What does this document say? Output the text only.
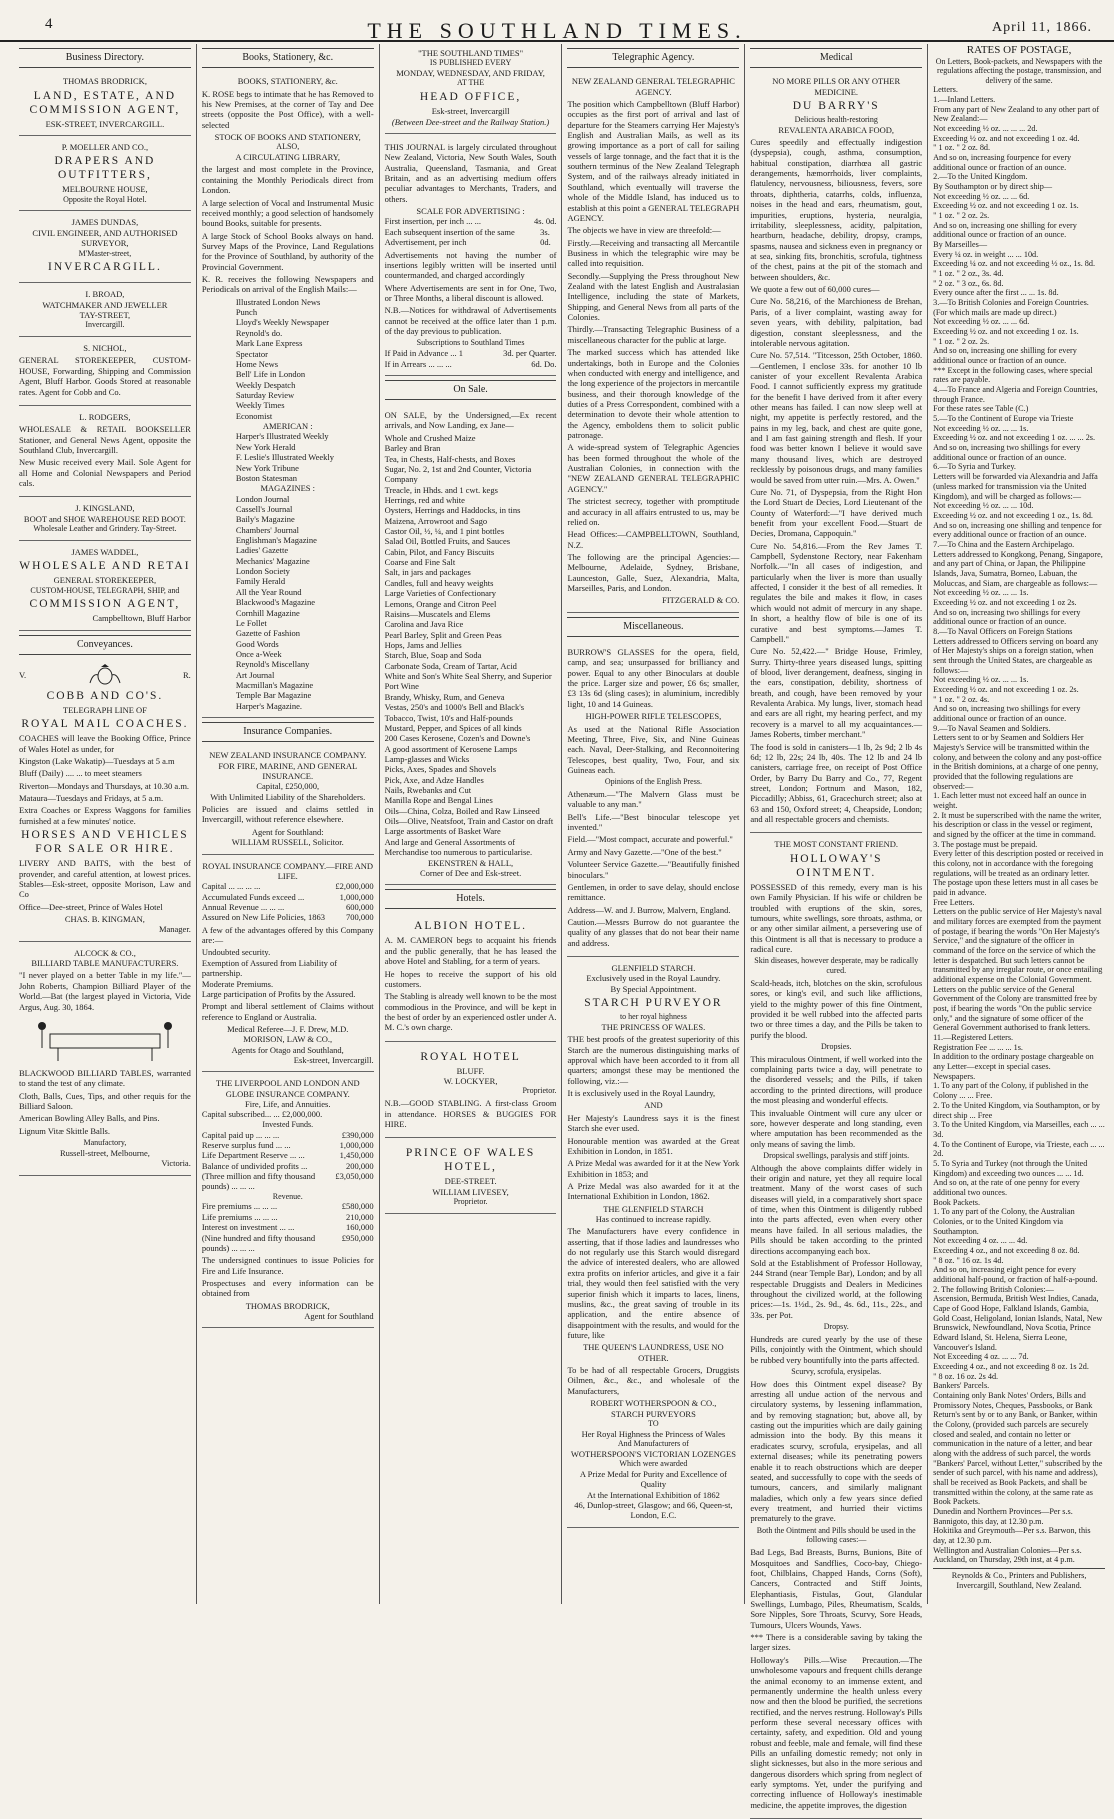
4	THE SOUTHLAND TIMES.	April 11, 1866.
Business Directory.
THOMAS BRODRICK,
LAND, ESTATE, AND COMMISSION AGENT,
ESK-STREET, INVERCARGILL.
P. MOELLER AND CO.,
DRAPERS AND OUTFITTERS,
MELBOURNE HOUSE,
Opposite the Royal Hotel.
JAMES DUNDAS,
CIVIL ENGINEER, AND AUTHORISED SURVEYOR,
M'Master-street,
INVERCARGILL.
I. BROAD,
WATCHMAKER AND JEWELLER
TAY-STREET,
Invercargill.
S. NICHOL,

GENERAL STOREKEEPER, CUSTOM-HOUSE, Forwarding, Shipping and Commission Agent, Bluff Harbor. Goods Stored at reasonable rates. Agent for Cobb and Co.

L. RODGERS,

WHOLESALE & RETAIL BOOKSELLER Stationer, and General News Agent, opposite the Southland Club, Invercargill.

New Music received every Mail. Sole Agent for all Home and Colonial Newspapers and Period cals.

J. KINGSLAND,
BOOT and SHOE WAREHOUSE RED BOOT.
Wholesale Leather and Grindery. Tay-Street.
JAMES WADDEL,
WHOLESALE AND RETAI
GENERAL STOREKEEPER,
CUSTOM-HOUSE, TELEGRAPH, SHIP, and
COMMISSION AGENT,
Campbelltown, Bluff Harbor
Conveyances.
V.	R.
COBB AND CO'S.
TELEGRAPH LINE OF
ROYAL MAIL COACHES.

COACHES will leave the Booking Office, Prince of Wales Hotel as under, for

Kingston (Lake Wakatip)—Tuesdays at 5 a.m

Bluff (Daily) .... ... to meet steamers

Riverton—Mondays and Thursdays, at 10.30 a.m.

Mataura—Tuesdays and Fridays, at 5 a.m.

Extra Coaches or Express Waggons for families furnished at a few minutes' notice.

HORSES AND VEHICLES FOR SALE OR HIRE.

LIVERY AND BAITS, with the best of provender, and careful attention, at lowest prices. Stables—Esk-street, opposite Morison, Law and Co

Office—Dee-street, Prince of Wales Hotel

CHAS. B. KINGMAN,
Manager.
ALCOCK & CO.,
BILLIARD TABLE MANUFACTURERS.

"I never played on a better Table in my life."—John Roberts, Champion Billiard Player of the World.—Bat (the largest played in Victoria, Vide Argus, Aug. 30, 1864.

BLACKWOOD BILLIARD TABLES, warranted to stand the test of any climate.

Cloth, Balls, Cues, Tips, and other requis for the Billiard Saloon.

American Bowling Alley Balls, and Pins.

Lignum Vitæ Skittle Balls.

Manufactory,
Russell-street, Melbourne,
Victoria.
Books, Stationery, &c.
BOOKS, STATIONERY, &c.

K. ROSE begs to intimate that he has Removed to his New Premises, at the corner of Tay and Dee streets (opposite the Post Office), with a well-selected

STOCK OF BOOKS AND STATIONERY,
ALSO,
A CIRCULATING LIBRARY,

the largest and most complete in the Province, containing the Monthly Periodicals direct from London.

A large selection of Vocal and Instrumental Music received monthly; a good selection of handsomely bound Books, suitable for presents.

A large Stock of School Books always on hand. Survey Maps of the Province, Land Regulations for the Province of Southland, by authority of the Provincial Government.

K. R. receives the following Newspapers and Periodicals on arrival of the English Mails:—

Illustrated London News
Punch
Lloyd's Weekly Newspaper
Reynold's do.
Mark Lane Express
Spectator
Home News
Bell' Life in London
Weekly Despatch
Saturday Review
Weekly Times
Economist
AMERICAN :
Harper's Illustrated Weekly
New York Herald
F. Leslie's Illustrated Weekly
New York Tribune
Boston Statesman
MAGAZINES :
London Journal
Cassell's Journal
Baily's Magazine
Chambers' Journal
Englishman's Magazine
Ladies' Gazette
Mechanics' Magazine
London Society
Family Herald
All the Year Round
Blackwood's Magazine
Cornhill Magazine
Le Follet
Gazette of Fashion
Good Words
Once a-Week
Reynold's Miscellany
Art Journal
Macmillan's Magazine
Temple Bar Magazine
Harper's Magazine.
Insurance Companies.
NEW ZEALAND INSURANCE COMPANY.
FOR FIRE, MARINE, AND GENERAL INSURANCE.
Capital, £250,000,
With Unlimited Liability of the Shareholders.

Policies are issued and claims settled in Invercargill, without reference elsewhere.

Agent for Southland:
WILLIAM RUSSELL, Solicitor.
ROYAL INSURANCE COMPANY.—FIRE AND LIFE.
Capital ... ... ... ...	£2,000,000
Accumulated Funds exceed ...	1,000,000
Annual Revenue ... ... ...	600,000
Assured on New Life Policies, 1863 700,000

A few of the advantages offered by this Company are:—

Undoubted security.
Exemption of Assured from Liability of partnership.
Moderate Premiums.
Large participation of Profits by the Assured.

Prompt and liberal settlement of Claims without reference to England or Australia.

Medical Referee—J. F. Drew, M.D.
MORISON, LAW & CO.,
Agents for Otago and Southland,
Esk-street, Invercargill.
THE LIVERPOOL AND LONDON AND GLOBE INSURANCE COMPANY.
Fire, Life, and Annuities.
Capital subscribed... ... £2,000,000.
Invested Funds.
Capital paid up ... ... ...	£390,000
Reserve surplus fund ... ...	1,000,000
Life Department Reserve ... ...	1,450,000
Balance of undivided profits ...	200,000
(Three million and fifty thousand pounds) ... ... ...
£3,050,000
Revenue.
Fire premiums ... ... ...	£580,000
Life premiums ... ... ...	210,000
Interest on investment ... ...	160,000
(Nine hundred and fifty thousand pounds) ... ... ...
£950,000

The undersigned continues to issue Policies for Fire and Life Insurance.

Prospectuses and every information can be obtained from

THOMAS BRODRICK,
Agent for Southland
"THE SOUTHLAND TIMES"
IS PUBLISHED EVERY
MONDAY, WEDNESDAY, AND FRIDAY,
AT THE
HEAD OFFICE,
Esk-street, Invercargill
(Between Dee-street and the Railway Station.)

THIS JOURNAL is largely circulated throughout New Zealand, Victoria, New South Wales, South Australia, Queensland, Tasmania, and Great Britain, and as an advertising medium offers peculiar advantages to Merchants, Traders, and others.

SCALE FOR ADVERTISING :
First insertion, per inch ... ...	4s. 0d.
Each subsequent insertion of the same Advertisement, per inch
3s. 0d.

Advertisements not having the number of insertions legibly written will be inserted until countermanded, and charged accordingly

Where Advertisements are sent in for One, Two, or Three Months, a liberal discount is allowed.

N.B.—Notices for withdrawal of Advertisements cannot be received at the office later than 1 p.m. of the day previous to publication.

Subscriptions to Southland Times
If Paid in Advance ... 1	3d. per Quarter.
If in Arrears ... ... ...	6d. Do.
On Sale.

ON SALE, by the Undersigned,—Ex recent arrivals, and Now Landing, ex Jane—

Whole and Crushed Maize
Barley and Bran
Tea, in Chests, Half-chests, and Boxes
Sugar, No. 2, 1st and 2nd Counter, Victoria Company
Treacle, in Hhds. and 1 cwt. kegs
Herrings, red and white
Oysters, Herrings and Haddocks, in tins
Maizena, Arrowroot and Sago
Castor Oil, ½, ¼, and 1 pint bottles
Salad Oil, Bottled Fruits, and Sauces
Cabin, Pilot, and Fancy Biscuits
Coarse and Fine Salt
Salt, in jars and packages
Candles, full and heavy weights
Large Varieties of Confectionary
Lemons, Orange and Citron Peel
Raisins—Muscatels and Elems
Carolina and Java Rice
Pearl Barley, Split and Green Peas
Hops, Jams and Jellies
Starch, Blue, Soap and Soda
Carbonate Soda, Cream of Tartar, Acid
White and Son's White Seal Sherry, and Superior Port Wine
Brandy, Whisky, Rum, and Geneva
Vestas, 250's and 1000's Bell and Black's Tobacco, Twist, 10's and Half-pounds
Mustard, Pepper, and Spices of all kinds
200 Cases Kerosene, Cozen's and Downe's
A good assortment of Kerosene Lamps
Lamp-glasses and Wicks
Picks, Axes, Spades and Shovels
Pick, Axe, and Adze Handles
Nails, Rwebanks and Cut
Manilla Rope and Bengal Lines
Oils—China, Colza, Boiled and Raw Linseed
Oils—Olive, Neatsfoot, Train and Castor on draft
Large assortments of Basket Ware
And large and General Assortments of Merchandise too numerous to particularise.
EKENSTREN & HALL,
Corner of Dee and Esk-street.
Hotels.
ALBION HOTEL.

A. M. CAMERON begs to acquaint his friends and the public generally, that he has leased the above Hotel and Stabling, for a term of years.

He hopes to receive the support of his old customers.

The Stabling is already well known to be the most commodious in the Province, and will be kept in the best of order by an experienced ostler under A. M. C.'s own charge.

ROYAL HOTEL
BLUFF.
W. LOCKYER,
Proprietor.

N.B.—GOOD STABLING. A first-class Groom in attendance. HORSES & BUGGIES FOR HIRE.

PRINCE OF WALES HOTEL,
DEE-STREET.
WILLIAM LIVESEY,
Proprietor.
Telegraphic Agency.
NEW ZEALAND GENERAL TELEGRAPHIC AGENCY.

The position which Campbelltown (Bluff Harbor) occupies as the first port of arrival and last of departure for the Steamers carrying Her Majesty's English and Australian Mails, as well as its growing importance as a port of call for sailing vessels of large tonnage, and the fact that it is the southern terminus of the New Zealand Telegraph System, and of the railways already initiated in Southland, which eventually will traverse the whole of the Middle Island, has induced us to establish at this point a GENERAL TELEGRAPH AGENCY.

The objects we have in view are threefold:—

Firstly.—Receiving and transacting all Mercantile Business in which the telegraphic wire may be called into requisition.

Secondly.—Supplying the Press throughout New Zealand with the latest English and Australasian Intelligence, including the state of Markets, Shipping, and General News from all parts of the Colonies.

Thirdly.—Transacting Telegraphic Business of a miscellaneous character for the public at large.

The marked success which has attended like undertakings, both in Europe and the Colonies when conducted with energy and intelligence, and the long experience of the projectors in mercantile business, and their thorough knowledge of the duties of a Press Correspondent, combined with a determination to devote their whole attention to the Agency, emboldens them to solicit public patronage.

A wide-spread system of Telegraphic Agencies has been formed throughout the whole of the Australian Colonies, in connection with the "NEW ZEALAND GENERAL TELEGRAPHIC AGENCY."

The strictest secrecy, together with promptitude and accuracy in all affairs entrusted to us, may be relied on.

Head Offices:—CAMPBELLTOWN, Southland, N.Z.

The following are the principal Agencies:—Melbourne, Adelaide, Sydney, Brisbane, Launceston, Galle, Suez, Alexandria, Malta, Marseilles, Paris, and London.

FITZGERALD & CO.
Miscellaneous.

BURROW'S GLASSES for the opera, field, camp, and sea; unsurpassed for brilliancy and power. Equal to any other Binoculars at double the price. Larger size and power, £6 6s; smaller, £3 13s 6d (sling cases); in aluminium, incredibly light, 10 and 14 Guineas.

HIGH-POWER RIFLE TELESCOPES,

As used at the National Rifle Association Meeting, Three, Five, Six, and Nine Guineas each. Naval, Deer-Stalking, and Reconnoitering Telescopes, best quality, Two, Four, and six Guineas each.

Opinions of the English Press.

Athenæum.—"The Malvern Glass must be valuable to any man."

Bell's Life.—"Best binocular telescope yet invented."

Field.—"Most compact, accurate and powerful."

Army and Navy Gazette.—"One of the best."

Volunteer Service Gazette.—"Beautifully finished binoculars."

Gentlemen, in order to save delay, should enclose remittance.

Address—W. and J. Burrow, Malvern, England.

Caution.—Messrs Burrow do not guarantee the quality of any glasses that do not bear their name and address.

GLENFIELD STARCH.
Exclusively used in the Royal Laundry.
By Special Appointment.
STARCH PURVEYOR
to her royal highness
THE PRINCESS OF WALES.

THE best proofs of the greatest superiority of this Starch are the numerous distinguishing marks of approval which have been accorded to it from all quarters; amongst these may be mentioned the following, viz.:—

It is exclusively used in the Royal Laundry,

AND

Her Majesty's Laundress says it is the finest Starch she ever used.

Honourable mention was awarded at the Great Exhibition in London, in 1851.

A Prize Medal was awarded for it at the New York Exhibition in 1853; and

A Prize Medal was also awarded for it at the International Exhibition in London, 1862.

THE GLENFIELD STARCH
Has continued to increase rapidly.

The Manufacturers have every confidence in asserting, that if those ladies and laundresses who do not regularly use this Starch would disregard the advice of interested dealers, who are allowed extra profits on inferior articles, and give it a fair trial, they would then feel satisfied with the very superior finish which it imparts to laces, linens, muslins, &c., the great saving of trouble in its application, and the entire absence of disappointment with the results, and would for the future, like

THE QUEEN'S LAUNDRESS, USE NO OTHER.

To be had of all respectable Grocers, Druggists Oilmen, &c., &c., and wholesale of the Manufacturers,

ROBERT WOTHERSPOON & CO.,
STARCH PURVEYORS
TO
Her Royal Highness the Princess of Wales
And Manufacturers of
WOTHERSPOON'S VICTORIAN LOZENGES
Which were awarded
A Prize Medal for Purity and Excellence of Quality
At the International Exhibition of 1862
46, Dunlop-street, Glasgow; and 66, Queen-st, London, E.C.
Medical
NO MORE PILLS OR ANY OTHER MEDICINE.
DU BARRY'S
Delicious health-restoring
REVALENTA ARABICA FOOD,

Cures speedily and effectually indigestion (dyspepsia), cough, asthma, consumption, habitual constipation, diarrhœa all gastric derangements, hæmorrhoids, liver complaints, flatulency, nervousness, biliousness, fevers, sore throats, diphtheria, catarrhs, colds, influenza, noises in the head and ears, rheumatism, gout, impurities, eruptions, hysteria, neuralgia, irritability, sleeplessness, acidity, palpitation, heartburn, headache, debility, dropsy, cramps, spasms, nausea and sickness even in pregnancy or at sea, sinking fits, bronchitis, scrofula, tightness of the chest, pains at the pit of the stomach and between shoulders, &c.

We quote a few out of 60,000 cures—

Cure No. 58,216, of the Marchioness de Brehan, Paris, of a liver complaint, wasting away for seven years, with debility, palpitation, bad digestion, constant sleeplessness, and the intolerable nervous agitation.

Cure No. 57,514. "Titcesson, 25th October, 1860.—Gentlemen, I enclose 33s. for another 10 lb canister of your excellent Revalenta Arabica Food. I cannot sufficiently express my gratitude for the benefit I have derived from it after every other means has failed. I can now sleep well at night, my appetite is perfectly restored, and the pains in my leg, back, and chest are quite gone, and I am fast gaining strength and flesh. If your food was better known I believe it would save many thousand lives, which are destroyed recklessly by poisonous drugs, and many families would be saved from utter ruin.—Mrs. A. Owen."

Cure No. 71, of Dyspepsia, from the Right Hon the Lord Stuart de Decies, Lord Lieutenant of the County of Waterford:—"I have derived much benefit from your excellent Food.—Stuart de Decies, Dromana, Cappoquin."

Cure No. 54,816.—From the Rev James T. Campbell, Sydenstone Rectory, near Fakenham Norfolk.—"In all cases of indigestion, and particularly when the liver is more than usually affected, I consider it the best of all remedies. It regulates the bile and makes it flow, in cases which would not admit of mercury in any shape. In short, a healthy flow of bile is one of its curative and best symptoms.—James T. Campbell."

Cure No. 52,422.—" Bridge House, Frimley, Surry. Thirty-three years diseased lungs, spitting of blood, liver derangement, deafness, singing in the ears, constipation, debility, shortness of breath, and cough, have been removed by your Revalenta Arabica. My lungs, liver, stomach head and ears are all right, my hearing perfect, and my recovery is a marvel to all my acquaintances.—James Roberts, timber merchant."

The food is sold in canisters—1 lb, 2s 9d; 2 lb 4s 6d; 12 lb, 22s; 24 lb, 40s. The 12 lb and 24 lb canisters, carriage free, on receipt of Post Office Order, by Barry Du Barry and Co., 77, Regent street, London; Fortnum and Mason, 182, Piccadilly; Abbiss, 61, Gracechurch street; also at 63 and 150, Oxford street; 4, Cheapside, London; and all respectable grocers and chemists.

THE MOST CONSTANT FRIEND.
HOLLOWAY'S OINTMENT.

POSSESSED of this remedy, every man is his own Family Physician. If his wife or children be troubled with eruptions of the skin, sores, tumours, white swellings, sore throats, asthma, or or any other similar ailment, a persevering use of this Ointment is all that is necessary to produce a radical cure.

Skin diseases, however desperate, may be radically cured.

Scald-heads, itch, blotches on the skin, scrofulous sores, or king's evil, and such like afflictions, yield to the mighty power of this fine Ointment, provided it be well rubbed into the affected parts two or three times a day, and the Pills be taken to purify the blood.

Dropsies.

This miraculous Ointment, if well worked into the complaining parts twice a day, will penetrate to the disordered vessels; and the Pills, if taken according to the printed directions, will produce the most pleasing and wonderful effects.

This invaluable Ointment will cure any ulcer or sore, however desperate and long standing, even where amputation has been recommended as the only means of saving the limb.

Dropsical swellings, paralysis and stiff joints.

Although the above complaints differ widely in their origin and nature, yet they all require local treatment. Many of the worst cases of such diseases will yield, in a comparatively short space of time, when this Ointment is diligently rubbed into the parts affected, even when every other means have failed. In all serious maladies, the Pills should be taken according to the printed directions accompanying each box.

Sold at the Establishment of Professor Holloway, 244 Strand (near Temple Bar), London; and by all respectable Druggists and Dealers in Medicines throughout the civilized world, at the following prices:—1s. 1½d., 2s. 9d., 4s. 6d., 11s., 22s., and 33s. per Pot.

Dropsy.

Hundreds are cured yearly by the use of these Pills, conjointly with the Ointment, which should be rubbed very bountifully into the parts affected.

Scurvy, scrofula, erysipelas.

How does this Ointment expel disease? By arresting all undue action of the nervous and circulatory systems, by lessening inflammation, and by removing stagnation; but, above all, by casting out the impurities which are daily gaining admission into the body. By this means it eradicates scurvy, scrofula, erysipelas, and all external diseases; while its penetrating powers enable it to reach obstructions which are deeper seated, and successfully to cope with the seeds of tumours, cancers, and similarly malignant maladies, which only a few years since defied every treatment, and hurried their victims prematurely to the grave.

Both the Ointment and Pills should be used in the following cases:—

Bad Legs, Bad Breasts, Burns, Bunions, Bite of Mosquitoes and Sandflies, Coco-bay, Chiego-foot, Chilblains, Chapped Hands, Corns (Soft), Cancers, Contracted and Stiff Joints, Elephantiasis, Fistulas, Gout, Glandular Swellings, Lumbago, Piles, Rheumatism, Scalds, Sore Nipples, Sore Throats, Scurvy, Sore Heads, Tumours, Ulcers Wounds, Yaws.

*** There is a considerable saving by taking the larger sizes.

Holloway's Pills.—Wise Precaution.—The unwholesome vapours and frequent chills derange the animal economy to an immense extent, and permanently undermine the health unless every now and then the blood be purified, the secretions rectified, and the nerves restrung. Holloway's Pills perform these several necessary offices with certainty, safety, and expedition. Old and young robust and feeble, male and female, will find these Pills an unfailing domestic remedy; not only in slight sicknesses, but also in the more serious and dangerous disorders which spring from neglect of early symptoms. Yet, under the purifying and correcting influence of Holloway's inestimable medicine, the appetite improves, the digestion

RATES OF POSTAGE,
On Letters, Book-packets, and Newspapers with the regulations affecting the postage, transmission, and delivery of the same.
Letters.
1.—Inland Letters.
From any part of New Zealand to any other part of New Zealand:—
Not exceeding ½ oz. ... ... ... 2d.
Exceeding ½ oz. and not exceeding 1 oz. 4d.
" 1 oz. " 2 oz. 8d.
And so on, increasing fourpence for every additional ounce or fraction of an ounce.
2.—To the United Kingdom.
By Southampton or by direct ship—
Not exceeding ½ oz. ... ... 6d.
Exceeding ½ oz. and not exceeding 1 oz. 1s.
" 1 oz. " 2 oz. 2s.
And so on, increasing one shilling for every additional ounce or fraction of an ounce.
By Marseilles—
Every ¼ oz. in weight ... ... 10d.
Exceeding ¼ oz. and not exceeding ½ oz., 1s. 8d.
" 1 oz. " 2 oz., 3s. 4d.
" 2 oz. " 3 oz., 6s. 8d.
Every ounce after the first ... ... 1s. 8d.
3.—To British Colonies and Foreign Countries.
(For which mails are made up direct.)
Not exceeding ½ oz. ... ... 6d.
Exceeding ½ oz. and not exceeding 1 oz. 1s.
" 1 oz. " 2 oz. 2s.
And so on, increasing one shilling for every additional ounce or fraction of an ounce.
*** Except in the following cases, where special rates are payable.
4.—To France and Algeria and Foreign Countries, through France.
For these rates see Table (C.)
5.—To the Continent of Europe via Trieste
Not exceeding ½ oz. ... ... 1s.
Exceeding ½ oz. and not exceeding 1 oz. ... ... 2s.
And so on, increasing two shillings for every additional ounce or fraction of an ounce.
6.—To Syria and Turkey.
Letters will be forwarded via Alexandria and Jaffa (unless marked for transmission via the United Kingdom), and will be charged as follows:—
Not exceeding ½ oz. ... ... 10d.
Exceeding ½ oz. and not exceeding 1 oz., 1s. 8d.
And so on, increasing one shilling and tenpence for every additional ounce or fraction of an ounce.
7.—To China and the Eastern Archipelago.
Letters addressed to Kongkong, Penang, Singapore, and any part of China, or Japan, the Philippine Islands, Java, Sumatra, Borneo, Labuan, the Moluccas, and Siam, are chargeable as follows:—
Not exceeding ½ oz. ... ... 1s.
Exceeding ½ oz. and not exceeding 1 oz 2s.
And so on, increasing two shillings for every additional ounce or fraction of an ounce.
8.—To Naval Officers on Foreign Stations
Letters addressed to Officers serving on board any of Her Majesty's ships on a foreign station, when sent through the United States, are chargeable as follows:—
Not exceeding ½ oz. ... ... 1s.
Exceeding ½ oz. and not exceeding 1 oz. 2s.
" 1 oz. " 2 oz. 4s.
And so on, increasing two shillings for every additional ounce or fraction of an ounce.
9.—To Naval Seamen and Soldiers.
Letters sent to or by Seamen and Soldiers Her Majesty's Service will be transmitted within the colony, and between the colony and any post-office in the British dominions, at a charge of one penny, provided that the following regulations are observed:—
1. Each letter must not exceed half an ounce in weight.
2. It must be superscribed with the name the writer, his description or class in the vessel or regiment, and signed by the officer at the time in command.
3. The postage must be prepaid.
Every letter of this description posted or received in this colony, not in accordance with the foregoing regulations, will be treated as an ordinary letter.
The postage upon these letters must in all cases be paid in advance.
Free Letters.
Letters on the public service of Her Majesty's naval and military forces are exempted from the payment of postage, if bearing the words "On Her Majesty's Service," and the signature of the officer in command of the force on the service of which the letter is despatched. But such letters cannot be transmitted by any irregular route, or once entailing additional expense on the Colonial Government.
Letters on the public service of the General Government of the Colony are transmitted free by post, if bearing the words "On the public service only," and the signature of some officer of the General Government authorised to frank letters.
11.—Registered Letters.
Registration Fee ... ... ... 1s.
In addition to the ordinary postage chargeable on any Letter—except in special cases.
Newspapers.
1. To any part of the Colony, if published in the Colony ... ... Free.
2. To the United Kingdom, via Southampton, or by direct ship ... Free
3. To the United Kingdom, via Marseilles, each ... ... 3d.
4. To the Continent of Europe, via Trieste, each ... ... 2d.
5. To Syria and Turkey (not through the United Kingdom) and exceeding two ounces ... ... 1d.
And so on, at the rate of one penny for every additional two ounces.
Book Packets.
1. To any part of the Colony, the Australian Colonies, or to the United Kingdom via Southampton.
Not exceeding 4 oz. ... ... 4d.
Exceeding 4 oz., and not exceeding 8 oz. 8d.
" 8 oz. " 16 oz. 1s 4d.
And so on, increasing eight pence for every additional half-pound, or fraction of half-a-pound.
2. The following British Colonies:—
Ascension, Bermuda, British West Indies, Canada, Cape of Good Hope, Falkland Islands, Gambia, Gold Coast, Heligoland, Ionian Islands, Natal, New Brunswick, Newfoundland, Nova Scotia, Prince Edward Island, St. Helena, Sierra Leone, Vancouver's Island.
Not Exceeding 4 oz. ... ... 7d.
Exceeding 4 oz., and not exceeding 8 oz. 1s 2d.
" 8 oz. 16 oz. 2s 4d.
Bankers' Parcels.
Containing only Bank Notes' Orders, Bills and Promissory Notes, Cheques, Passbooks, or Bank Return's sent by or to any Bank, or Banker, within the Colony, (provided such parcels are securely closed and sealed, and contain no letter or communication in the nature of a letter, and bear along with the address of such parcel, the words "Bankers' Parcel, without Letter," subscribed by the sender of such parcel, with his name and address), shall be received as Book Packets, and shall be transmitted within the colony, at the same rate as Book Packets.
Dunedin and Northern Provinces—Per s.s. Bannigoto, this day, at 12.30 p.m.
Hokitika and Greymouth—Per s.s. Barwon, this day, at 12.30 p.m.
Wellington and Australian Colonies—Per s.s. Auckland, on Thursday, 29th inst, at 4 p.m.
Reynolds & Co., Printers and Publishers, Invercargill, Southland, New Zealand.
